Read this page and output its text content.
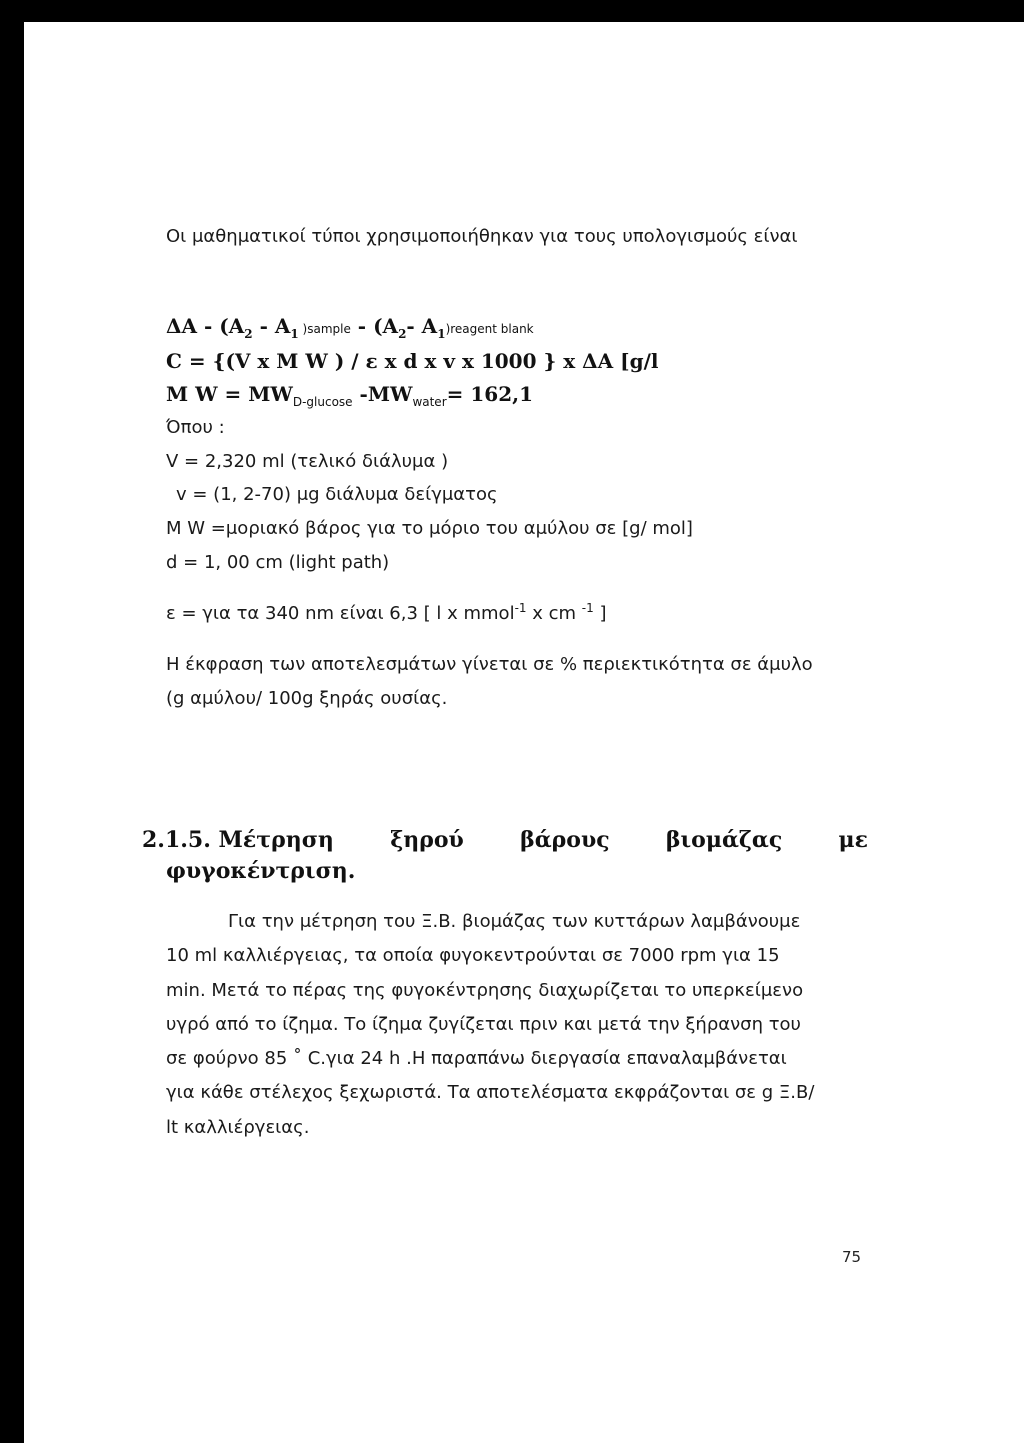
Οι μαθηματικοί τύποι χρησιμοποιήθηκαν για τους υπολογισμούς είναι
ΔΑ - ($A_2 - A_1$ )sample - ($A_2-$ $A_1)reagent$ blank
C = {(V x M W ) / ε x d x v x 1000 } x ΔΑ [g/l
M $W = MW_{D-glucose}$ $-MW_{water}= 162,1$
Όπου :
V = 2,320 ml (τελικό διάλυμα )
v = (1, 2-70) μg διάλυμα δείγματος
M W =μοριακό βάρος για το μόριο του αμύλου σε [g/ mol]
d = 1, 00 cm (light path)
ε = για τα 340 nm είναι 6,3 [ l x mmol$^{-1}$ x cm $^{-1}$ ]
Η έκφραση των αποτελεσμάτων γίνεται σε % περιεκτικότητα σε άμυλο
(g αμύλου/ 100g ξηράς ουσίας.
2.1.5. Μέτρηση	ξηρού	βάρους	βιομάζας	με
φυγοκέντριση.
Για την μέτρηση του Ξ.Β. βιομάζας των κυττάρων λαμβάνουμε
10 ml καλλιέργειας, τα οποία φυγοκεντρούνται σε 7000 rpm για 15
min. Μετά το πέρας της φυγοκέντρησης διαχωρίζεται το υπερκείμενο
υγρό από το ίζημα. Το ίζημα ζυγίζεται πριν και μετά την ξήρανση του
σε φούρνο 85 ˚ C.για 24 h .Η παραπάνω διεργασία επαναλαμβάνεται
για κάθε στέλεχος ξεχωριστά. Τα αποτελέσματα εκφράζονται σε g Ξ.Β/
lt καλλιέργειας.
75
